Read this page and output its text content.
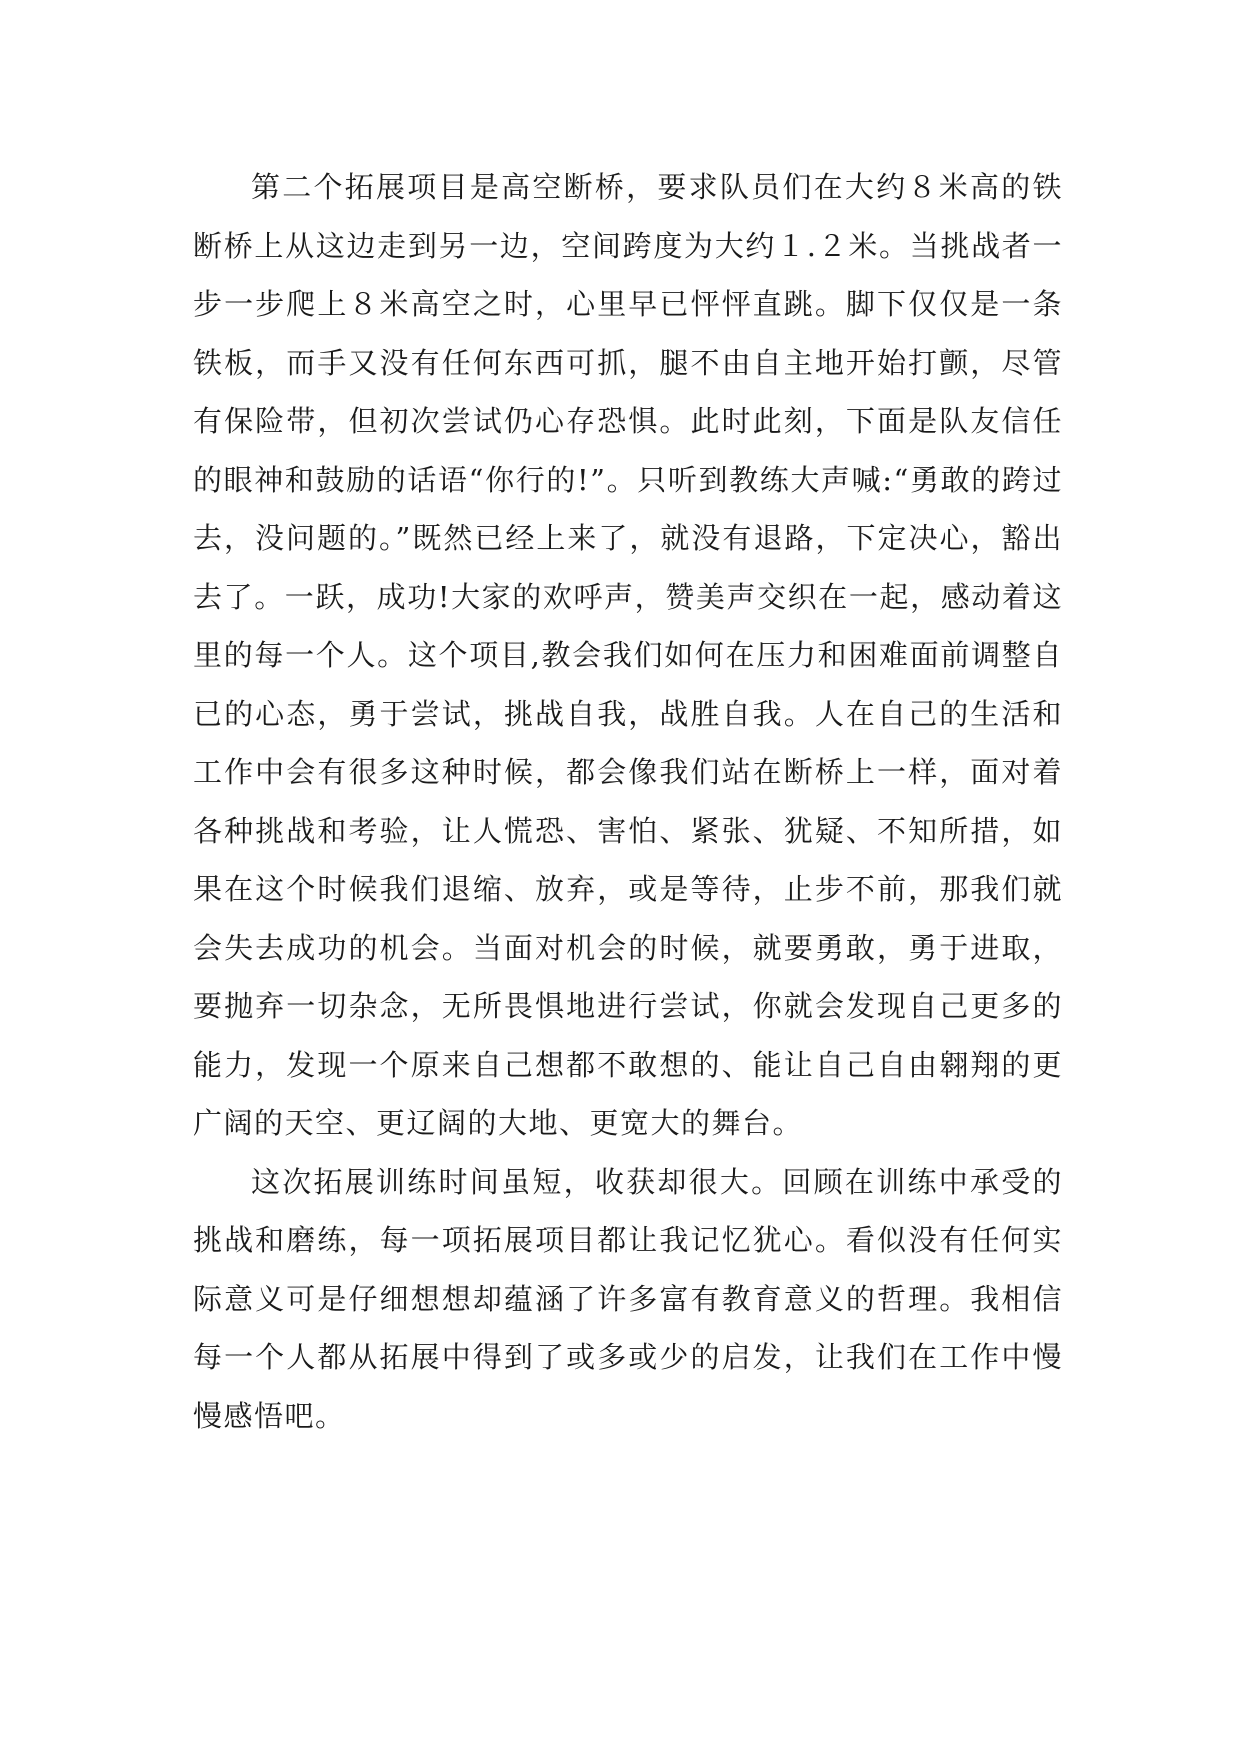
第二个拓展项目是高空断桥，要求队员们在大约８米高的铁断桥上从这边走到另一边，空间跨度为大约１.２米。当挑战者一步一步爬上８米高空之时，心里早已怦怦直跳。脚下仅仅是一条铁板，而手又没有任何东西可抓，腿不由自主地开始打颤，尽管有保险带，但初次尝试仍心存恐惧。此时此刻，下面是队友信任的眼神和鼓励的话语“你行的!”。只听到教练大声喊:“勇敢的跨过去，没问题的。”既然已经上来了，就没有退路，下定决心，豁出去了。一跃，成功!大家的欢呼声，赞美声交织在一起，感动着这里的每一个人。这个项目,教会我们如何在压力和困难面前调整自已的心态，勇于尝试，挑战自我，战胜自我。人在自己的生活和工作中会有很多这种时候，都会像我们站在断桥上一样，面对着各种挑战和考验，让人慌恐、害怕、紧张、犹疑、不知所措，如果在这个时候我们退缩、放弃，或是等待，止步不前，那我们就会失去成功的机会。当面对机会的时候，就要勇敢，勇于进取，要抛弃一切杂念，无所畏惧地进行尝试，你就会发现自己更多的能力，发现一个原来自己想都不敢想的、能让自己自由翱翔的更广阔的天空、更辽阔的大地、更宽大的舞台。

这次拓展训练时间虽短，收获却很大。回顾在训练中承受的挑战和磨练，每一项拓展项目都让我记忆犹心。看似没有任何实际意义可是仔细想想却蕴涵了许多富有教育意义的哲理。我相信每一个人都从拓展中得到了或多或少的启发，让我们在工作中慢慢感悟吧。
